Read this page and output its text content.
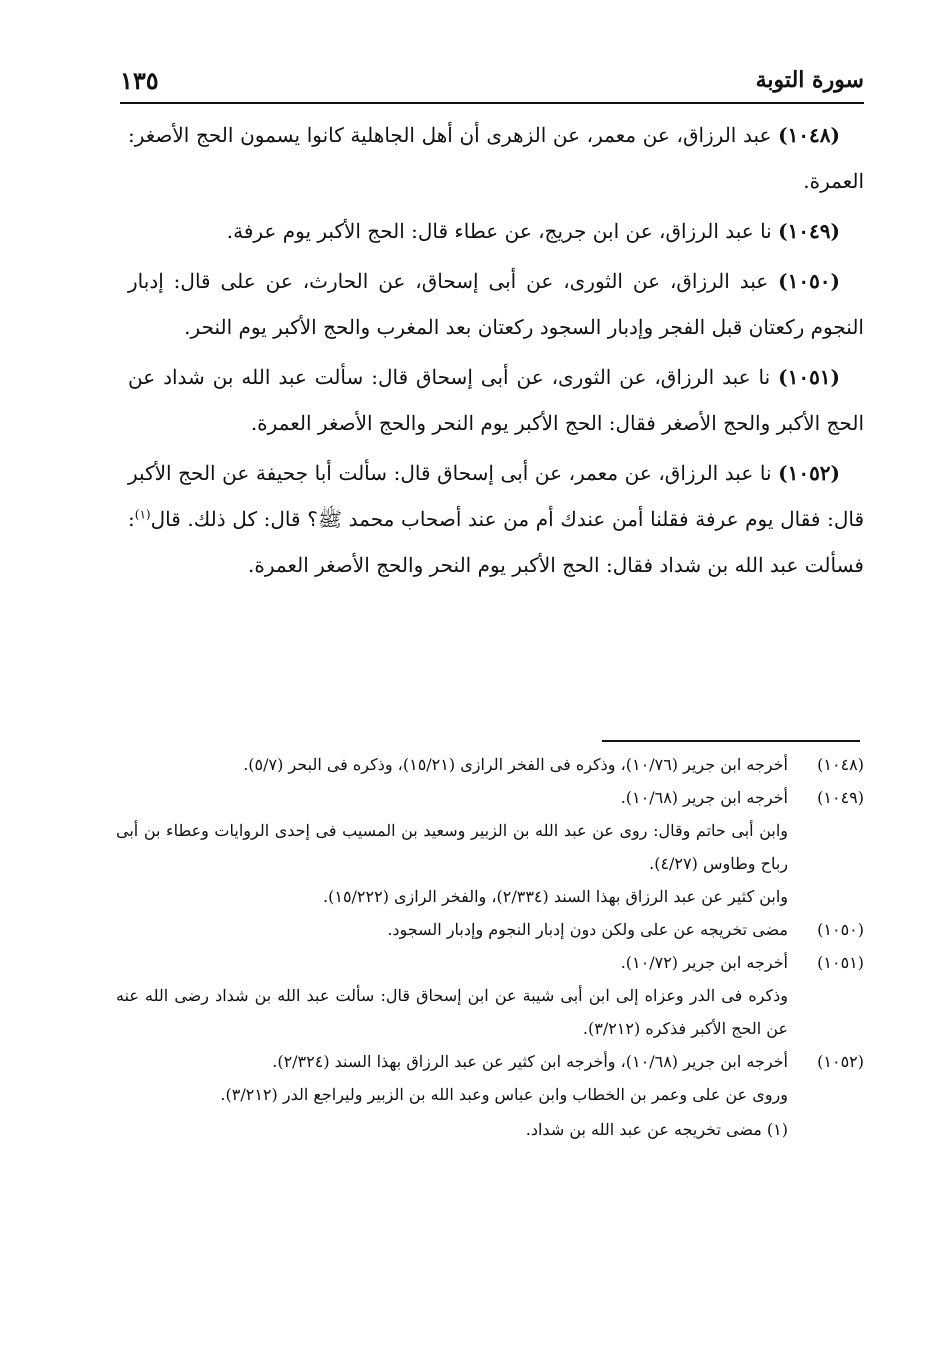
سورة التوبة
١٣٥

(١٠٤٨) عبد الرزاق، عن معمر، عن الزهرى أن أهل الجاهلية كانوا يسمون الحج الأصغر: العمرة.

(١٠٤٩) نا عبد الرزاق، عن ابن جريج، عن عطاء قال: الحج الأكبر يوم عرفة.

(١٠٥٠) عبد الرزاق، عن الثورى، عن أبى إسحاق، عن الحارث، عن على قال: إدبار النجوم ركعتان قبل الفجر وإدبار السجود ركعتان بعد المغرب والحج الأكبر يوم النحر.

(١٠٥١) نا عبد الرزاق، عن الثورى، عن أبى إسحاق قال: سألت عبد الله بن شداد عن الحج الأكبر والحج الأصغر فقال: الحج الأكبر يوم النحر والحج الأصغر العمرة.

(١٠٥٢) نا عبد الرزاق، عن معمر، عن أبى إسحاق قال: سألت أبا جحيفة عن الحج الأكبر قال: فقال يوم عرفة فقلنا أمن عندك أم من عند أصحاب محمد ﷺ؟ قال: كل ذلك. قال$^{(١)}$: فسألت عبد الله بن شداد فقال: الحج الأكبر يوم النحر والحج الأصغر العمرة.

(١٠٤٨)
أخرجه ابن جرير (١٠/٧٦)، وذكره فى الفخر الرازى (١٥/٢١)، وذكره فى البحر (٥/٧).
(١٠٤٩)
أخرجه ابن جرير (١٠/٦٨).
وابن أبى حاتم وقال: روى عن عبد الله بن الزبير وسعيد بن المسيب فى إحدى الروايات وعطاء بن أبى رباح وطاوس (٤/٢٧).
وابن كثير عن عبد الرزاق بهذا السند (٢/٣٣٤)، والفخر الرازى (١٥/٢٢٢).
(١٠٥٠)
مضى تخريجه عن على ولكن دون إدبار النجوم وإدبار السجود.
(١٠٥١)
أخرجه ابن جرير (١٠/٧٢).
وذكره فى الدر وعزاه إلى ابن أبى شيبة عن ابن إسحاق قال: سألت عبد الله بن شداد رضى الله عنه عن الحج الأكبر فذكره (٣/٢١٢).
(١٠٥٢)
أخرجه ابن جرير (١٠/٦٨)، وأخرجه ابن كثير عن عبد الرزاق بهذا السند (٢/٣٢٤).
وروى عن على وعمر بن الخطاب وابن عباس وعبد الله بن الزبير وليراجع الدر (٣/٢١٢).
(١) مضى تخريجه عن عبد الله بن شداد.
